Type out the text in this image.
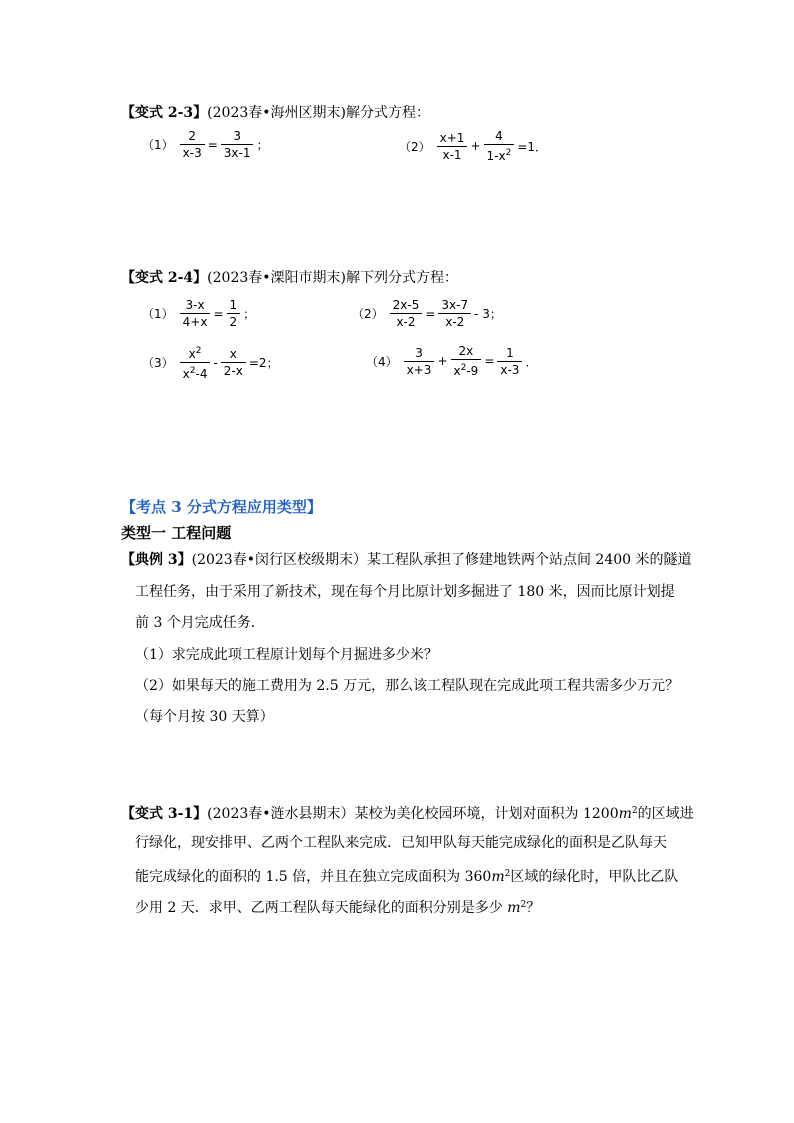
【变式 2-3】(2023春•海州区期末)解分式方程：
$(1) \frac{2}{x-3} = \frac{3}{3x-1}$ ；	$(2) \frac{x+1}{x-1} + \frac{4}{1-x^2} =1$．
【变式 2-4】(2023春•溧阳市期末)解下列分式方程：
$(1) \frac{3-x}{4+x} = \frac{1}{2}$ ；	$(2) \frac{2x-5}{x-2} = \frac{3x-7}{x-2} - 3$；
$(3) \frac{x^2}{x^2-4} - \frac{x}{2-x} =2$；	$(4) \frac{3}{x+3} + \frac{2x}{x^2-9} = \frac{1}{x-3}$ ．
【考点 3 分式方程应用类型】
类型一 工程问题
【典例 3】(2023春•闵行区校级期末）某工程队承担了修建地铁两个站点间 2400 米的隧道
工程任务，由于采用了新技术，现在每个月比原计划多掘进了 180 米，因而比原计划提
前 3 个月完成任务．
（1）求完成此项工程原计划每个月掘进多少米？
（2）如果每天的施工费用为 2.5 万元，那么该工程队现在完成此项工程共需多少万元？
（每个月按 30 天算）
【变式 3-1】(2023春•涟水县期末）某校为美化校园环境，计划对面积为 $1200m^2$的区域进
行绿化，现安排甲、乙两个工程队来完成．已知甲队每天能完成绿化的面积是乙队每天
能完成绿化的面积的 1.5 倍，并且在独立完成面积为 $360m^2$区域的绿化时，甲队比乙队
少用 2 天．求甲、乙两工程队每天能绿化的面积分别是多少 $m^2$？
